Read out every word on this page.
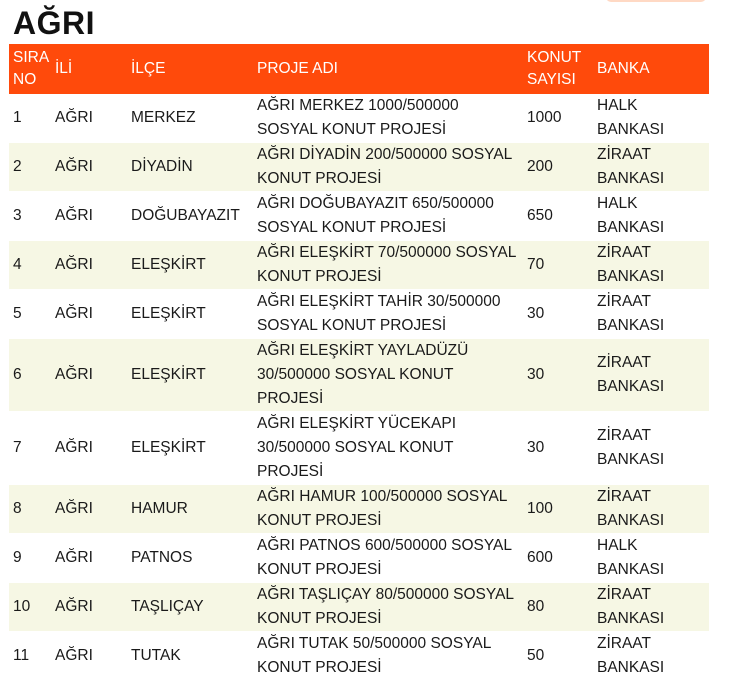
AĞRI
SIRA NO	İLİ	İLÇE	PROJE ADI	KONUT SAYISI	BANKA
1	AĞRI	MERKEZ	AĞRI MERKEZ 1000/500000 SOSYAL KONUT PROJESİ	1000	HALK BANKASI
2	AĞRI	DİYADİN	AĞRI DİYADİN 200/500000 SOSYAL KONUT PROJESİ	200	ZİRAAT BANKASI
3	AĞRI	DOĞUBAYAZIT	AĞRI DOĞUBAYAZIT 650/500000 SOSYAL KONUT PROJESİ	650	HALK BANKASI
4	AĞRI	ELEŞKİRT	AĞRI ELEŞKİRT 70/500000 SOSYAL KONUT PROJESİ	70	ZİRAAT BANKASI
5	AĞRI	ELEŞKİRT	AĞRI ELEŞKİRT TAHİR 30/500000 SOSYAL KONUT PROJESİ	30	ZİRAAT BANKASI
6	AĞRI	ELEŞKİRT	AĞRI ELEŞKİRT YAYLADÜZÜ 30/500000 SOSYAL KONUT PROJESİ	30	ZİRAAT BANKASI
7	AĞRI	ELEŞKİRT	AĞRI ELEŞKİRT YÜCEKAPI 30/500000 SOSYAL KONUT PROJESİ	30	ZİRAAT BANKASI
8	AĞRI	HAMUR	AĞRI HAMUR 100/500000 SOSYAL KONUT PROJESİ	100	ZİRAAT BANKASI
9	AĞRI	PATNOS	AĞRI PATNOS 600/500000 SOSYAL KONUT PROJESİ	600	HALK BANKASI
10	AĞRI	TAŞLIÇAY	AĞRI TAŞLIÇAY 80/500000 SOSYAL KONUT PROJESİ	80	ZİRAAT BANKASI
11	AĞRI	TUTAK	AĞRI TUTAK 50/500000 SOSYAL KONUT PROJESİ	50	ZİRAAT BANKASI
